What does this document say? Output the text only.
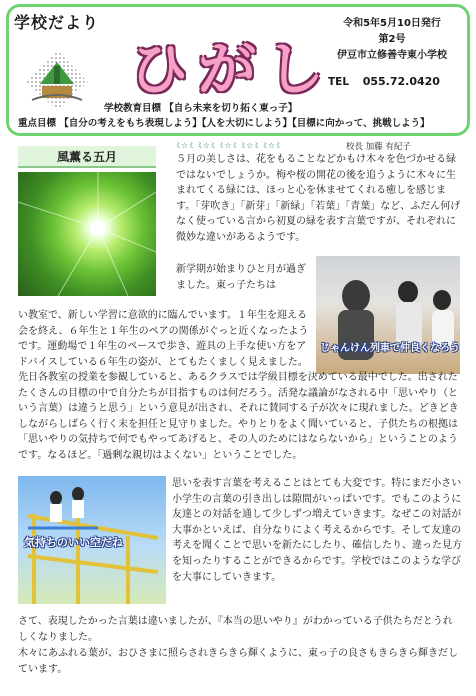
学校だより
ひがし
令和5年5月10日発行
第2号
伊豆市立修善寺東小学校
TEL 055.72.0420
学校教育目標 【自ら未来を切り拓く東っ子】
重点目標 【自分の考えをもち表現しよう】【人を大切にしよう】【目標に向かって、挑戦しよう】
風薫る五月
ﾐ☆ﾐ ﾐ☆ﾐ ﾐ☆ﾐ ﾐ☆ﾐ ﾐ☆ﾐ	校長 加藤 有紀子
じゃんけん列車で仲良くなろう
気持ちのいい空だね
５月の美しさは、花をもることなどかもけ木々を色づかせる緑ではないでしょうか。梅や桜の開花の後を追うように木々に生まれてくる緑には、ほっと心を休ませてくれる癒しを感じます。「芽吹き」「新芽」「新緑」「若葉」「青葉」など、ふだん何げなく使っている言から初夏の緑を表す言葉ですが、それぞれに微妙な違いがあるようです。
新学期が始まりひと月が過ぎました。東っ子たちは
い教室で、新しい学習に意欲的に臨んでいます。１年生を迎える会を終え、６年生と１年生のペアの関係がぐっと近くなったようです。運動場で１年生のペースで歩き、遊具の上手な使い方をアドバイスしている６年生の姿が、とてもたくましく見えました。
先日各教室の授業を参観していると、あるクラスでは学級目標を決めている最中でした。出されたたくさんの目標の中で自分たちが目指すものは何だろう。活発な議論がなされる中「思いやり（という言葉）は違うと思う」という意見が出され、それに賛同する子が次々に現れました。どきどきしながらしばらく行く末を担任と見守りました。やりとりをよく聞いていると、子供たちの根拠は「思いやりの気持ちで何でもやってあげると、その人のためにはならないから」ということのようです。なるほど。「過剰な親切はよくない」ということでした。
思いを表す言葉を考えることはとても大変です。特にまだ小さい小学生の言葉の引き出しは隙間がいっぱいです。でもこのように友達との対話を通して少しずつ増えていきます。なぜこの対話が大事かといえば、自分なりによく考えるからです。そして友達の考えを聞くことで思いを新たにしたり、確信したり、違った見方を知ったりすることができるからです。学校ではこのような学びを大事にしていきます。
さて、表現したかった言葉は違いましたが、『本当の思いやり』がわかっている子供たちだとうれしくなりました。
木々にあふれる葉が、おひさまに照らされきらきら輝くように、東っ子の良さもきらきら輝きだしています。
